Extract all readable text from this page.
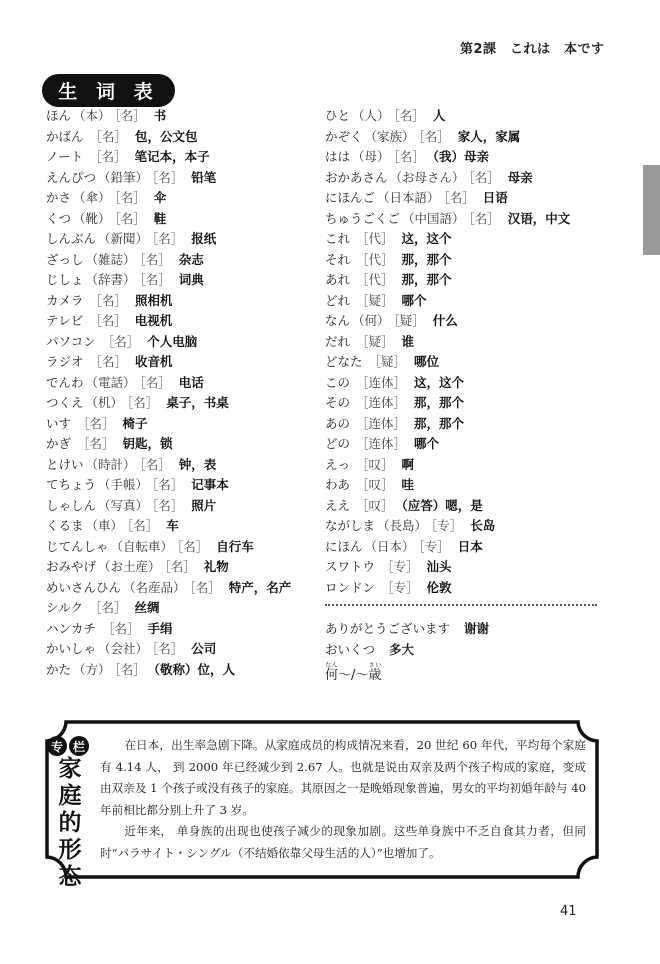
第2課　これは　本です
生 词 表
ほん （本） ［名］ 书
かばん ［名］ 包，公文包
ノート ［名］ 笔记本，本子
えんぴつ （鉛筆） ［名］ 铅笔
かさ （傘） ［名］ 伞
くつ （靴） ［名］ 鞋
しんぶん （新聞） ［名］ 报纸
ざっし （雑誌） ［名］ 杂志
じしょ （辞書） ［名］ 词典
カメラ ［名］ 照相机
テレビ ［名］ 电视机
パソコン ［名］ 个人电脑
ラジオ ［名］ 收音机
でんわ （電話） ［名］ 电话
つくえ （机） ［名］ 桌子，书桌
いす ［名］ 椅子
かぎ ［名］ 钥匙，锁
とけい （時計） ［名］ 钟，表
てちょう （手帳） ［名］ 记事本
しゃしん （写真） ［名］ 照片
くるま （車） ［名］ 车
じてんしゃ （自転車） ［名］ 自行车
おみやげ （お土産） ［名］ 礼物
めいさんひん （名産品） ［名］ 特产，名产
シルク ［名］ 丝绸
ハンカチ ［名］ 手绢
かいしゃ （会社） ［名］ 公司
かた （方） ［名］ （敬称）位，人
ひと （人） ［名］ 人
かぞく （家族） ［名］ 家人，家属
はは （母） ［名］ （我）母亲
おかあさん （お母さん） ［名］ 母亲
にほんご （日本語） ［名］ 日语
ちゅうごくご （中国語） ［名］ 汉语，中文
これ ［代］ 这，这个
それ ［代］ 那，那个
あれ ［代］ 那，那个
どれ ［疑］ 哪个
なん （何） ［疑］ 什么
だれ ［疑］ 谁
どなた ［疑］ 哪位
この ［连体］ 这，这个
その ［连体］ 那，那个
あの ［连体］ 那，那个
どの ［连体］ 哪个
えっ ［叹］ 啊
わあ ［叹］ 哇
ええ ［叹］ （应答）嗯，是
ながしま （長島） ［专］ 长岛
にほん （日本） ［专］ 日本
スワトウ ［专］ 汕头
ロンドン ［专］ 伦敦
ありがとうございます 谢谢
おいくつ 多大
何なん～/～歳さい
专 栏
家
庭
的
形
态

在日本，出生率急剧下降。从家庭成员的构成情况来看，20 世纪 60 年代，平均每个家庭有 4.14 人， 到 2000 年已经减少到 2.67 人。也就是说由双亲及两个孩子构成的家庭，变成由双亲及 1 个孩子或没有孩子的家庭。其原因之一是晚婚现象普遍，男女的平均初婚年龄与 40 年前相比都分别上升了 3 岁。

近年来， 单身族的出现也使孩子减少的现象加剧。这些单身族中不乏自食其力者，但同时“パラサイト・シングル（不结婚依靠父母生活的人）”也增加了。

41
